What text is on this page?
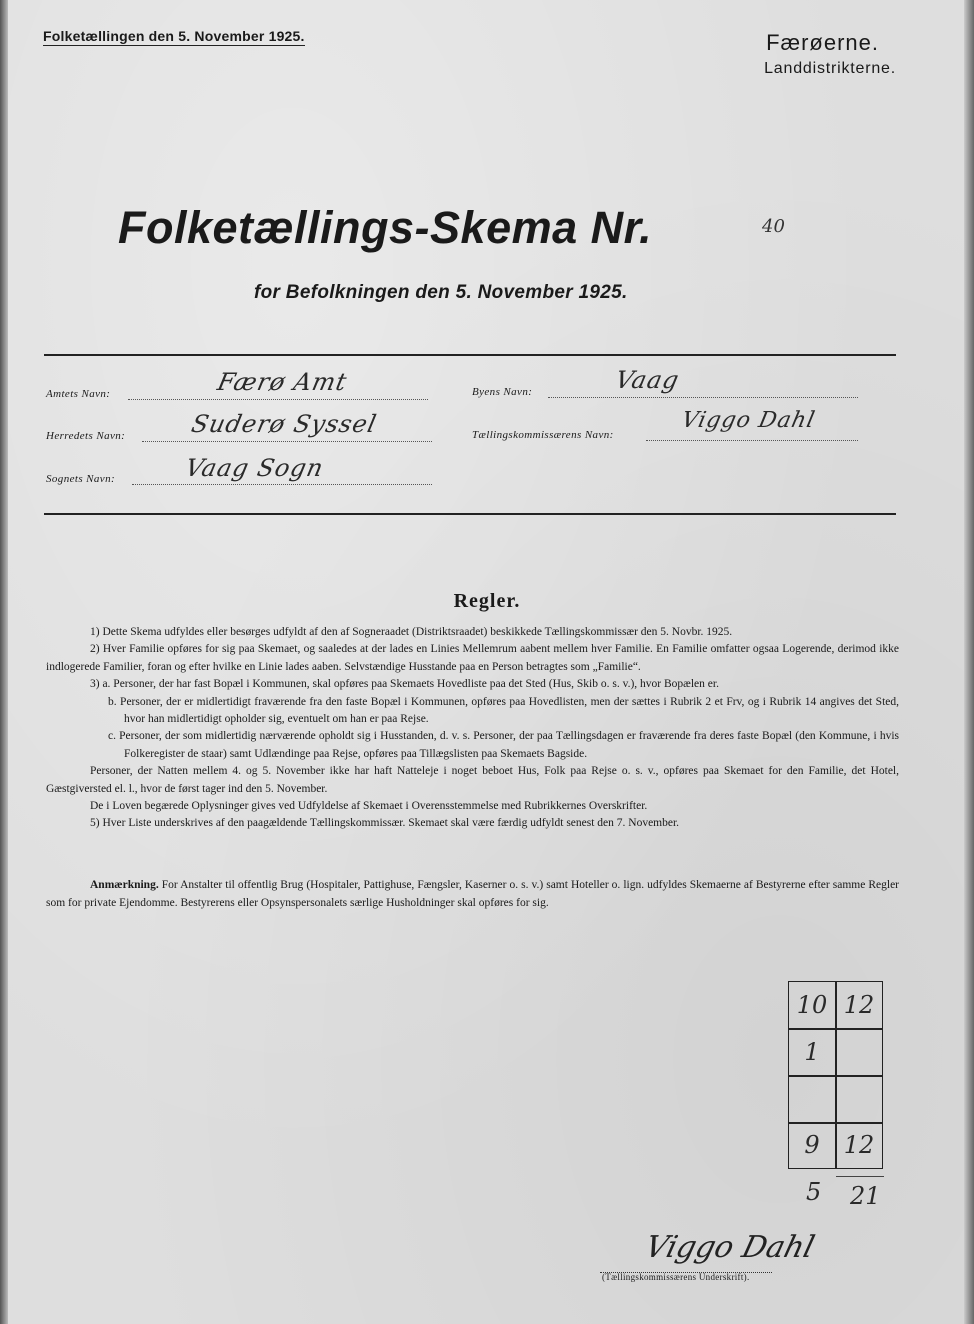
Folketællingen den 5. November 1925.	Færøerne.
Landdistrikterne.
Folketællings-Skema Nr.	40
for Befolkningen den 5. November 1925.
Amtets Navn:	Færø Amt
Herredets Navn:	Suderø Syssel
Sognets Navn:	Vaag Sogn
Byens Navn:	Vaag
Tællingskommissærens Navn:
Viggo Dahl
Regler.

1) Dette Skema udfyldes eller besørges udfyldt af den af Sogneraadet (Distriktsraadet) beskikkede Tællingskommissær den 5. Novbr. 1925.

2) Hver Familie opføres for sig paa Skemaet, og saaledes at der lades en Linies Mellemrum aabent mellem hver Familie. En Familie omfatter ogsaa Logerende, derimod ikke indlogerede Familier, foran og efter hvilke en Linie lades aaben. Selvstændige Husstande paa en Person betragtes som „Familie“.

3) a. Personer, der har fast Bopæl i Kommunen, skal opføres paa Skemaets Hovedliste paa det Sted (Hus, Skib o. s. v.), hvor Bopælen er.

b. Personer, der er midlertidigt fraværende fra den faste Bopæl i Kommunen, opføres paa Hovedlisten, men der sættes i Rubrik 2 et Frv, og i Rubrik 14 angives det Sted, hvor han midlertidigt opholder sig, eventuelt om han er paa Rejse.

c. Personer, der som midlertidig nærværende opholdt sig i Husstanden, d. v. s. Personer, der paa Tællingsdagen er fraværende fra deres faste Bopæl (den Kommune, i hvis Folkeregister de staar) samt Udlændinge paa Rejse, opføres paa Tillægslisten paa Skemaets Bagside.

Personer, der Natten mellem 4. og 5. November ikke har haft Natteleje i noget beboet Hus, Folk paa Rejse o. s. v., opføres paa Skemaet for den Familie, det Hotel, Gæstgiversted el. l., hvor de først tager ind den 5. November.

De i Loven begærede Oplysninger gives ved Udfyldelse af Skemaet i Overensstemmelse med Rubrikkernes Overskrifter.

5) Hver Liste underskrives af den paagældende Tællingskommissær. Skemaet skal være færdig udfyldt senest den 7. November.

Anmærkning. For Anstalter til offentlig Brug (Hospitaler, Pattighuse, Fængsler, Kaserner o. s. v.) samt Hoteller o. lign. udfyldes Skemaerne af Bestyrerne efter samme Regler som for private Ejendomme. Bestyrerens eller Opsynspersonalets særlige Husholdninger skal opføres for sig.

10 12
1
9	12
5 21
Viggo Dahl
(Tællingskommissærens Underskrift).
